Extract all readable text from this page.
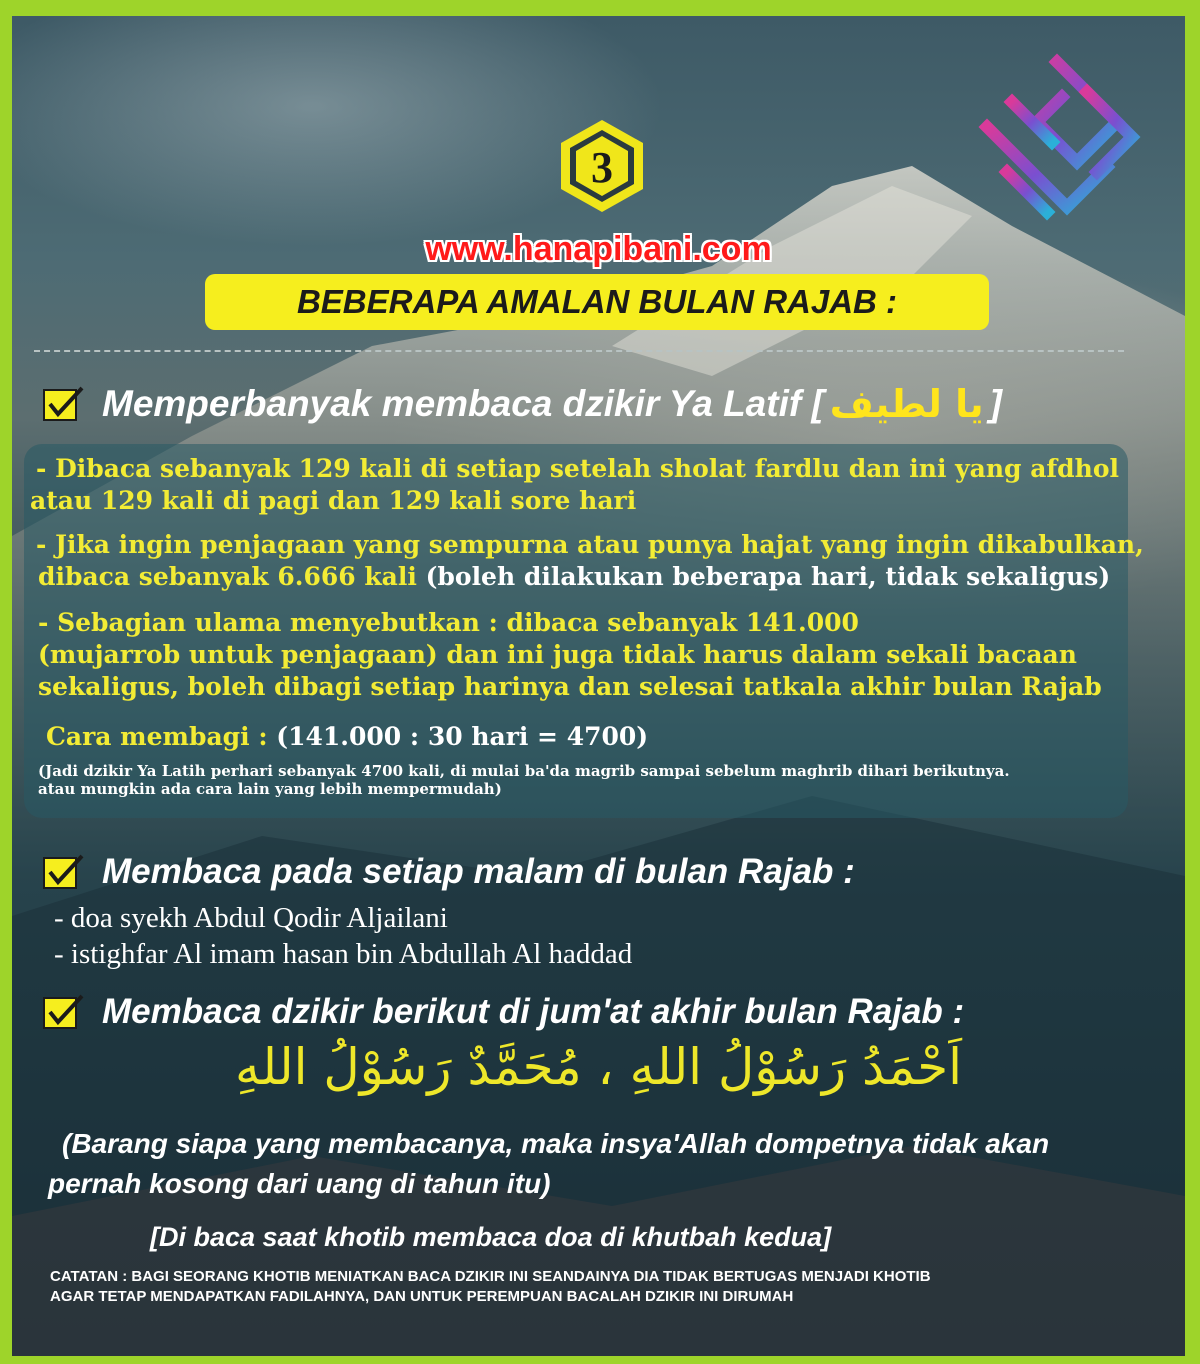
3
www.hanapibani.com
BEBERAPA AMALAN BULAN RAJAB :
Memperbanyak membaca dzikir Ya Latif [ يا لطيف ]
- Dibaca sebanyak 129 kali di setiap setelah sholat fardlu dan ini yang afdhol
atau 129 kali di pagi dan 129 kali sore hari
- Jika ingin penjagaan yang sempurna atau punya hajat yang ingin dikabulkan,
dibaca sebanyak 6.666 kali (boleh dilakukan beberapa hari, tidak sekaligus)
- Sebagian ulama menyebutkan : dibaca sebanyak 141.000
(mujarrob untuk penjagaan) dan ini juga tidak harus dalam sekali bacaan
sekaligus, boleh dibagi setiap harinya dan selesai tatkala akhir bulan Rajab
Cara membagi : (141.000 : 30 hari = 4700)
(Jadi dzikir Ya Latih perhari sebanyak 4700 kali, di mulai ba'da magrib sampai sebelum maghrib dihari berikutnya.
atau mungkin ada cara lain yang lebih mempermudah)
Membaca pada setiap malam di bulan Rajab :
- doa syekh Abdul Qodir Aljailani
- istighfar Al imam hasan bin Abdullah Al haddad
Membaca dzikir berikut di jum'at akhir bulan Rajab :
اَحْمَدُ رَسُوْلُ اللهِ ، مُحَمَّدٌ رَسُوْلُ اللهِ
(Barang siapa yang membacanya, maka insya'Allah dompetnya tidak akan
pernah kosong dari uang di tahun itu)
[Di baca saat khotib membaca doa di khutbah kedua]
CATATAN : BAGI SEORANG KHOTIB MENIATKAN BACA DZIKIR INI SEANDAINYA DIA TIDAK BERTUGAS MENJADI KHOTIB
AGAR TETAP MENDAPATKAN FADILAHNYA, DAN UNTUK PEREMPUAN BACALAH DZIKIR INI DIRUMAH
